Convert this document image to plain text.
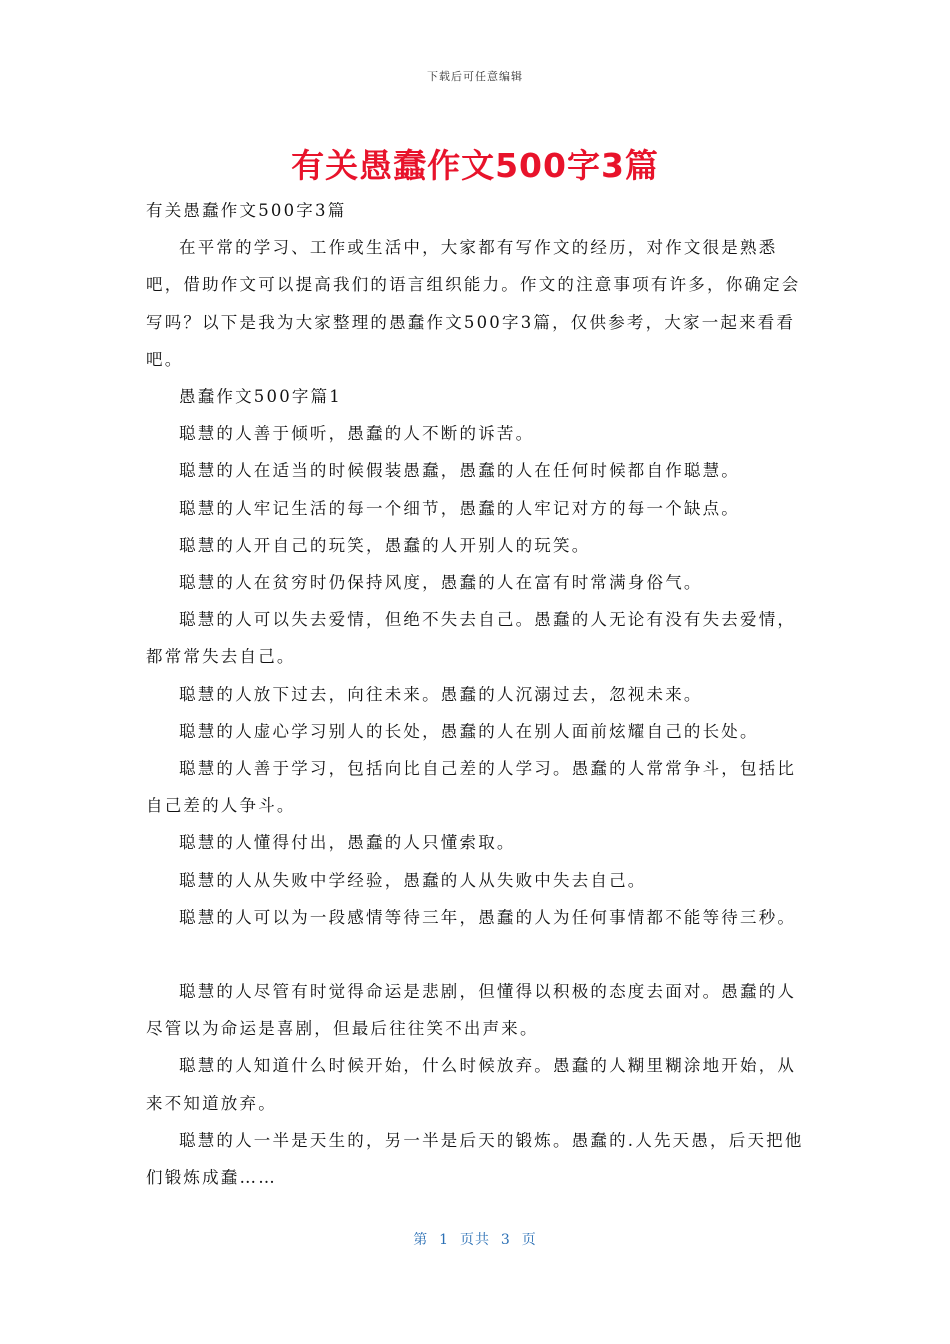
下载后可任意编辑
有关愚蠢作文500字3篇

有关愚蠢作文500字3篇

在平常的学习、工作或生活中，大家都有写作文的经历，对作文很是熟悉吧，借助作文可以提高我们的语言组织能力。作文的注意事项有许多，你确定会写吗？以下是我为大家整理的愚蠢作文500字3篇，仅供参考，大家一起来看看吧。

愚蠢作文500字篇1

聪慧的人善于倾听，愚蠢的人不断的诉苦。

聪慧的人在适当的时候假装愚蠢，愚蠢的人在任何时候都自作聪慧。

聪慧的人牢记生活的每一个细节，愚蠢的人牢记对方的每一个缺点。

聪慧的人开自己的玩笑，愚蠢的人开别人的玩笑。

聪慧的人在贫穷时仍保持风度，愚蠢的人在富有时常满身俗气。

聪慧的人可以失去爱情，但绝不失去自己。愚蠢的人无论有没有失去爱情，都常常失去自己。

聪慧的人放下过去，向往未来。愚蠢的人沉溺过去，忽视未来。

聪慧的人虚心学习别人的长处，愚蠢的人在别人面前炫耀自己的长处。

聪慧的人善于学习，包括向比自己差的人学习。愚蠢的人常常争斗，包括比自己差的人争斗。

聪慧的人懂得付出，愚蠢的人只懂索取。

聪慧的人从失败中学经验，愚蠢的人从失败中失去自己。

聪慧的人可以为一段感情等待三年，愚蠢的人为任何事情都不能等待三秒。

聪慧的人尽管有时觉得命运是悲剧，但懂得以积极的态度去面对。愚蠢的人尽管以为命运是喜剧，但最后往往笑不出声来。

聪慧的人知道什么时候开始，什么时候放弃。愚蠢的人糊里糊涂地开始，从来不知道放弃。

聪慧的人一半是天生的，另一半是后天的锻炼。愚蠢的.人先天愚，后天把他们锻炼成蠢……

第  1  页共  3  页
